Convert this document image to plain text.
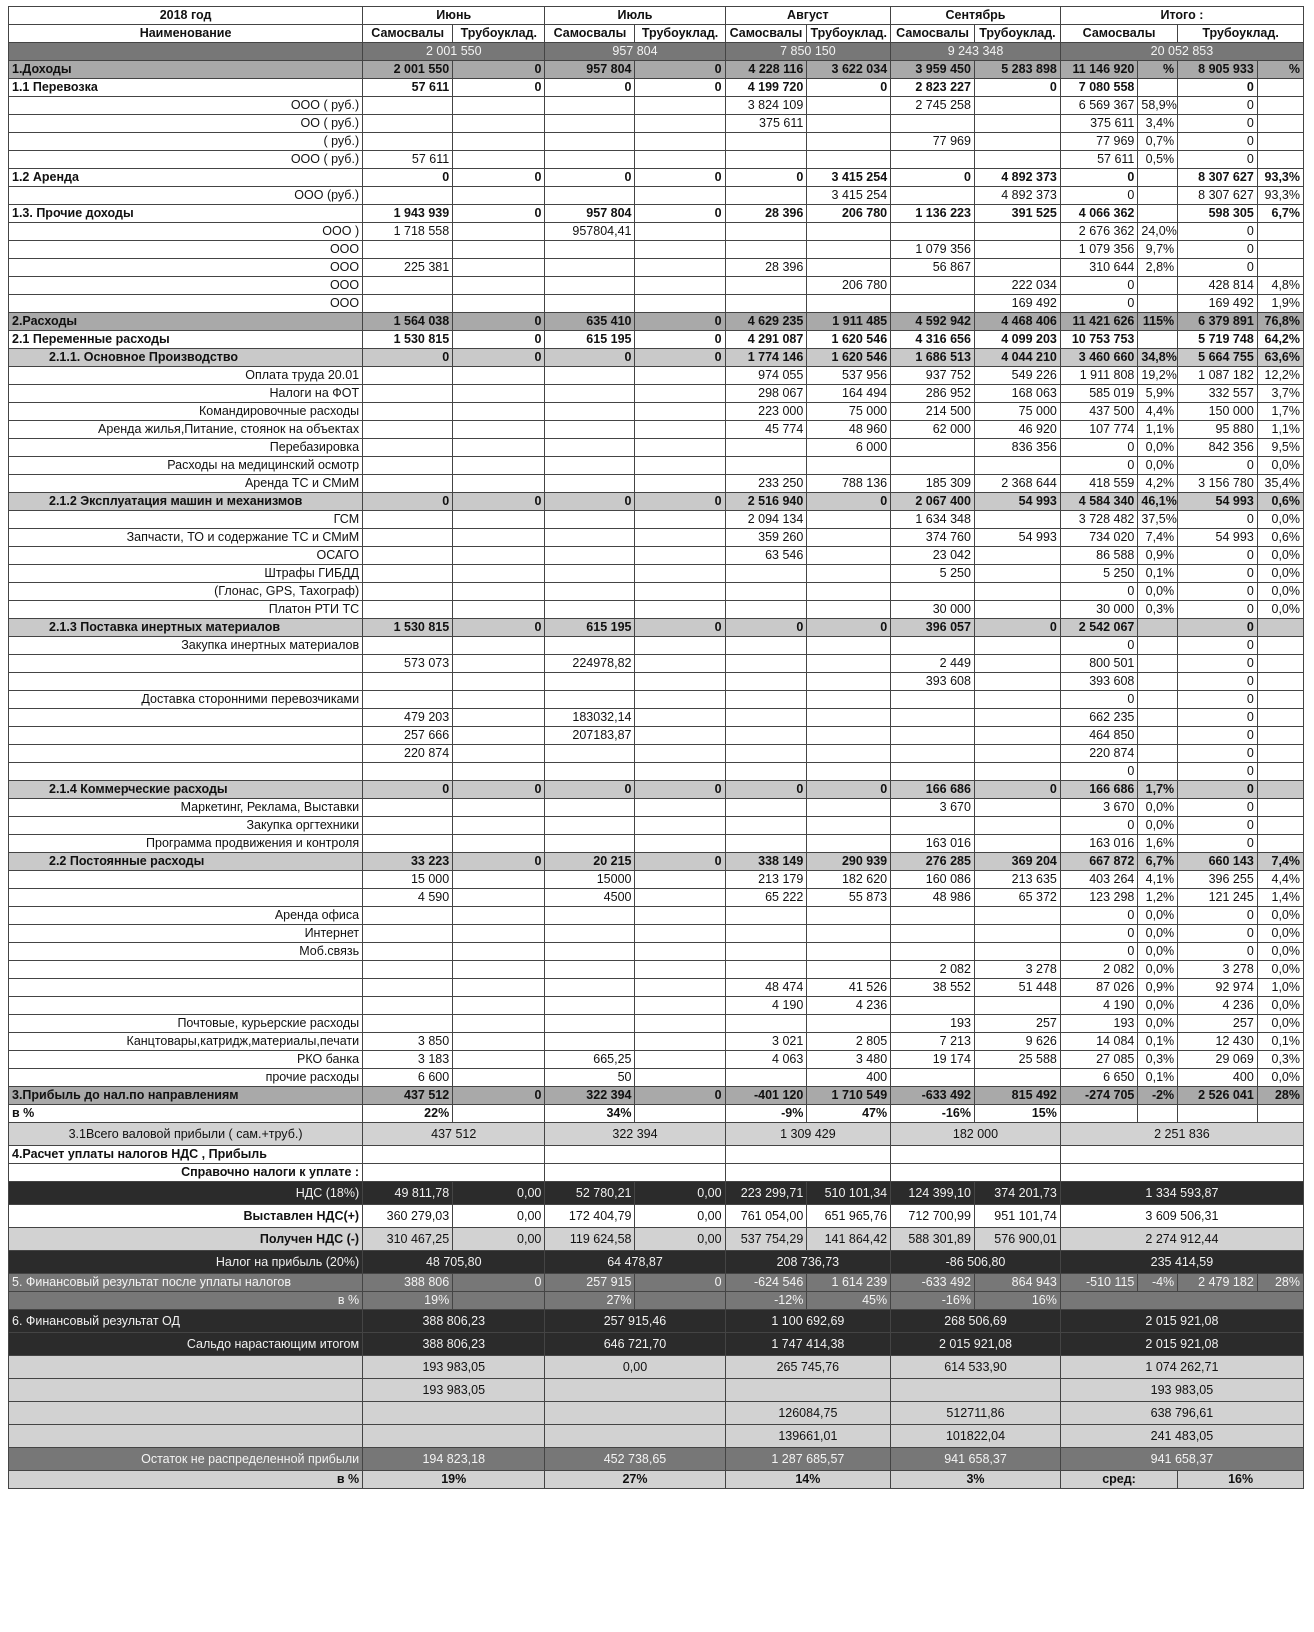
2018 год	Июнь		Июль		Август		Сентябрь		Итого :			
Наименование	Самосвалы	Трубоуклад.	Самосвалы	Трубоуклад.	Самосвалы	Трубоуклад.	Самосвалы	Трубоуклад.	Самосвалы		Трубоуклад.	
	2 001 550		957 804		7 850 150		9 243 348		20 052 853			
1.Доходы	2 001 550	0	957 804	0	4 228 116	3 622 034	3 959 450	5 283 898	11 146 920	%	8 905 933	%
1.1 Перевозка	57 611	0	0	0	4 199 720	0	2 823 227	0	7 080 558		0	
ООО ( руб.)					3 824 109		2 745 258		6 569 367	58,9%	0	
ОО ( руб.)					375 611				375 611	3,4%	0	
( руб.)							77 969		77 969	0,7%	0	
ООО ( руб.)	57 611								57 611	0,5%	0	
1.2 Аренда	0	0	0	0	0	3 415 254	0	4 892 373	0		8 307 627	93,3%
ООО (руб.)						3 415 254		4 892 373	0		8 307 627	93,3%
1.3. Прочие доходы	1 943 939	0	957 804	0	28 396	206 780	1 136 223	391 525	4 066 362		598 305	6,7%
ООО )	1 718 558		957804,41						2 676 362	24,0%	0	
ООО							1 079 356		1 079 356	9,7%	0	
ООО	225 381				28 396		56 867		310 644	2,8%	0	
ООО						206 780		222 034	0		428 814	4,8%
ООО								169 492	0		169 492	1,9%
2.Расходы	1 564 038	0	635 410	0	4 629 235	1 911 485	4 592 942	4 468 406	11 421 626	115%	6 379 891	76,8%
2.1 Переменные расходы	1 530 815	0	615 195	0	4 291 087	1 620 546	4 316 656	4 099 203	10 753 753		5 719 748	64,2%
2.1.1. Основное Производство	0	0	0	0	1 774 146	1 620 546	1 686 513	4 044 210	3 460 660	34,8%	5 664 755	63,6%
Оплата труда 20.01					974 055	537 956	937 752	549 226	1 911 808	19,2%	1 087 182	12,2%
Налоги на ФОТ					298 067	164 494	286 952	168 063	585 019	5,9%	332 557	3,7%
Командировочные расходы					223 000	75 000	214 500	75 000	437 500	4,4%	150 000	1,7%
Аренда жилья,Питание, стоянок на объектах					45 774	48 960	62 000	46 920	107 774	1,1%	95 880	1,1%
Перебазировка						6 000		836 356	0	0,0%	842 356	9,5%
Расходы на медицинский осмотр									0	0,0%	0	0,0%
Аренда ТС и СМиМ					233 250	788 136	185 309	2 368 644	418 559	4,2%	3 156 780	35,4%
2.1.2 Эксплуатация машин и механизмов	0	0	0	0	2 516 940	0	2 067 400	54 993	4 584 340	46,1%	54 993	0,6%
ГСМ					2 094 134		1 634 348		3 728 482	37,5%	0	0,0%
Запчасти, ТО и содержание ТС и СМиМ					359 260		374 760	54 993	734 020	7,4%	54 993	0,6%
ОСАГО					63 546		23 042		86 588	0,9%	0	0,0%
Штрафы ГИБДД							5 250		5 250	0,1%	0	0,0%
(Глонас, GPS, Тахограф)									0	0,0%	0	0,0%
Платон РТИ ТС							30 000		30 000	0,3%	0	0,0%
2.1.3 Поставка инертных материалов	1 530 815	0	615 195	0	0	0	396 057	0	2 542 067		0	
Закупка инертных материалов									0		0	
	573 073		224978,82				2 449		800 501		0	
							393 608		393 608		0	
Доставка сторонними перевозчиками									0		0	
	479 203		183032,14						662 235		0	
	257 666		207183,87						464 850		0	
	220 874								220 874		0	
									0		0	
2.1.4 Коммерческие расходы	0	0	0	0	0	0	166 686	0	166 686	1,7%	0	
Маркетинг, Реклама, Выставки							3 670		3 670	0,0%	0	
Закупка оргтехники									0	0,0%	0	
Программа продвижения и контроля							163 016		163 016	1,6%	0	
2.2 Постоянные расходы	33 223	0	20 215	0	338 149	290 939	276 285	369 204	667 872	6,7%	660 143	7,4%
	15 000		15000		213 179	182 620	160 086	213 635	403 264	4,1%	396 255	4,4%
	4 590		4500		65 222	55 873	48 986	65 372	123 298	1,2%	121 245	1,4%
Аренда офиса									0	0,0%	0	0,0%
Интернет									0	0,0%	0	0,0%
Моб.связь									0	0,0%	0	0,0%
							2 082	3 278	2 082	0,0%	3 278	0,0%
					48 474	41 526	38 552	51 448	87 026	0,9%	92 974	1,0%
					4 190	4 236			4 190	0,0%	4 236	0,0%
Почтовые, курьерские расходы							193	257	193	0,0%	257	0,0%
Канцтовары,катридж,материалы,печати	3 850				3 021	2 805	7 213	9 626	14 084	0,1%	12 430	0,1%
РКО банка	3 183		665,25		4 063	3 480	19 174	25 588	27 085	0,3%	29 069	0,3%
прочие расходы	6 600		50			400			6 650	0,1%	400	0,0%
3.Прибыль до нал.по направлениям	437 512	0	322 394	0	-401 120	1 710 549	-633 492	815 492	-274 705	-2%	2 526 041	28%
в %	22%		34%		-9%	47%	-16%	15%				
3.1Всего валовой прибыли ( сам.+труб.)	437 512		322 394		1 309 429		182 000		2 251 836			
4.Расчет уплаты налогов НДС , Прибыль												
Справочно налоги к уплате :												
НДС (18%)	49 811,78	0,00	52 780,21	0,00	223 299,71	510 101,34	124 399,10	374 201,73	1 334 593,87			
Выставлен НДС(+)	360 279,03	0,00	172 404,79	0,00	761 054,00	651 965,76	712 700,99	951 101,74	3 609 506,31			
Получен НДС (-)	310 467,25	0,00	119 624,58	0,00	537 754,29	141 864,42	588 301,89	576 900,01	2 274 912,44			
Налог на прибыль (20%)	48 705,80		64 478,87		208 736,73		-86 506,80		235 414,59			
5. Финансовый результат после уплаты налогов	388 806	0	257 915	0	-624 546	1 614 239	-633 492	864 943	-510 115	-4%	2 479 182	28%
в %	19%		27%		-12%	45%	-16%	16%				
6. Финансовый результат ОД	388 806,23		257 915,46		1 100 692,69		268 506,69		2 015 921,08			
Сальдо нарастающим итогом	388 806,23		646 721,70		1 747 414,38		2 015 921,08		2 015 921,08			
	193 983,05		0,00		265 745,76		614 533,90		1 074 262,71			
	193 983,05								193 983,05			
					126084,75		512711,86		638 796,61			
					139661,01		101822,04		241 483,05			
Остаток не распределенной прибыли	194 823,18		452 738,65		1 287 685,57		941 658,37		941 658,37			
в %	19%		27%		14%		3%		сред:		16%	
